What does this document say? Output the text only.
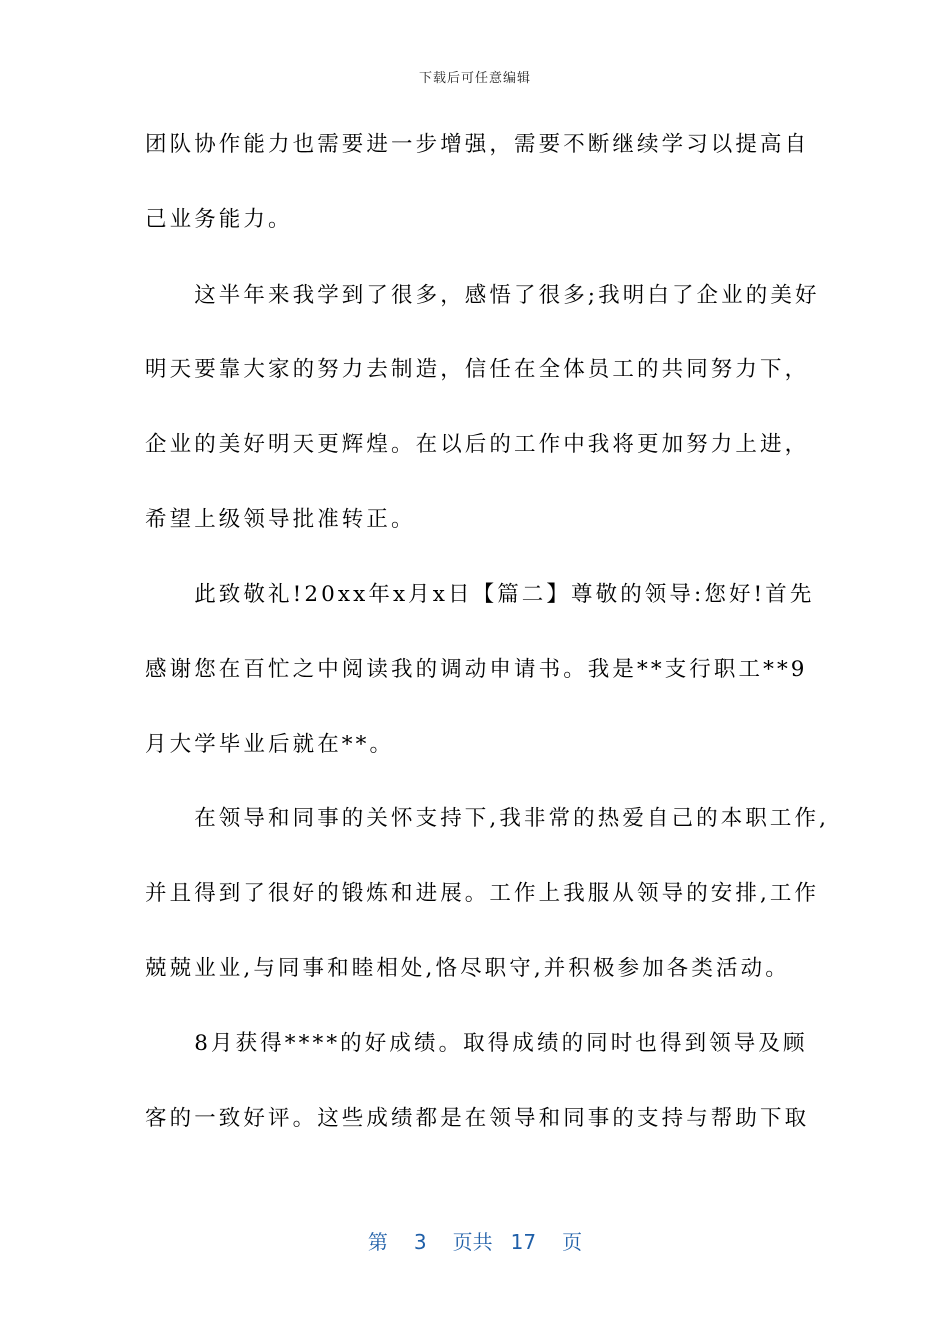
下载后可任意编辑
团队协作能力也需要进一步增强，需要不断继续学习以提高自
己业务能力。
　　这半年来我学到了很多，感悟了很多;我明白了企业的美好
明天要靠大家的努力去制造，信任在全体员工的共同努力下，
企业的美好明天更辉煌。在以后的工作中我将更加努力上进，
希望上级领导批准转正。
　　此致敬礼!20xx年x月x日【篇二】尊敬的领导:您好!首先
感谢您在百忙之中阅读我的调动申请书。我是**支行职工**9
月大学毕业后就在**。
　　在领导和同事的关怀支持下,我非常的热爱自己的本职工作,
并且得到了很好的锻炼和进展。工作上我服从领导的安排,工作
兢兢业业,与同事和睦相处,恪尽职守,并积极参加各类活动。
　　8月获得****的好成绩。取得成绩的同时也得到领导及顾
客的一致好评。这些成绩都是在领导和同事的支持与帮助下取
第 3 页共 17 页
